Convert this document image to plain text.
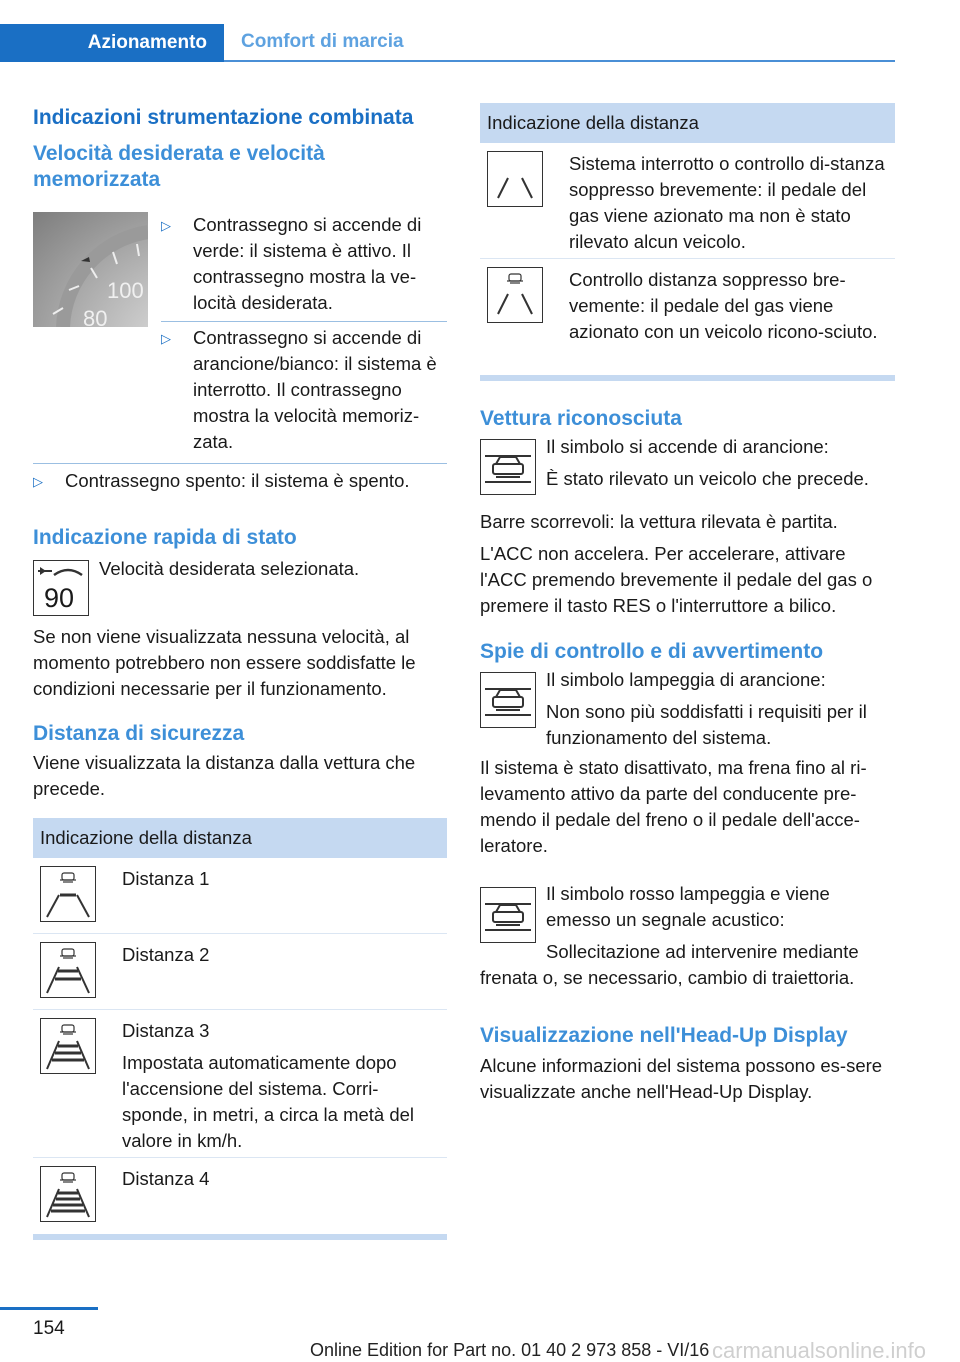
Azionamento	Comfort di marcia
Indicazioni strumentazione combinata
Velocità desiderata e velocità memorizzata
100
80
▷	Contrassegno si accende di verde: il sistema è attivo. Il contrassegno mostra la ve-locità desiderata.
▷	Contrassegno si accende di arancione/bianco: il sistema è interrotto. Il contrassegno mostra la velocità memoriz-zata.
▷	Contrassegno spento: il sistema è spento.
Indicazione rapida di stato
90

Velocità desiderata selezionata.

Se non viene visualizzata nessuna velocità, al momento potrebbero non essere soddisfatte le condizioni necessarie per il funzionamento.

Distanza di sicurezza

Viene visualizzata la distanza dalla vettura che precede.

Indicazione della distanza

Distanza 1

Distanza 2

Distanza 3

Impostata automaticamente dopo l'accensione del sistema. Corri-sponde, in metri, a circa la metà del valore in km/h.

Distanza 4

Indicazione della distanza

Sistema interrotto o controllo di-stanza soppresso brevemente: il pedale del gas viene azionato ma non è stato rilevato alcun veicolo.

Controllo distanza soppresso bre-vemente: il pedale del gas viene azionato con un veicolo ricono-sciuto.

Vettura riconosciuta

Il simbolo si accende di arancione:

È stato rilevato un veicolo che precede.

Barre scorrevoli: la vettura rilevata è partita.

L'ACC non accelera. Per accelerare, attivare l'ACC premendo brevemente il pedale del gas o premere il tasto RES o l'interruttore a bilico.

Spie di controllo e di avvertimento

Il simbolo lampeggia di arancione:

Non sono più soddisfatti i requisiti per il funzionamento del sistema.

Il sistema è stato disattivato, ma frena fino al ri-levamento attivo da parte del conducente pre-mendo il pedale del freno o il pedale dell'acce-leratore.

Il simbolo rosso lampeggia e viene emesso un segnale acustico:

Sollecitazione ad intervenire mediante frenata o, se necessario, cambio di traiettoria.

Visualizzazione nell'Head-Up Display

Alcune informazioni del sistema possono es-sere visualizzate anche nell'Head-Up Display.

154
Online Edition for Part no. 01 40 2 973 858 - VI/16 carmanualsonline.info
